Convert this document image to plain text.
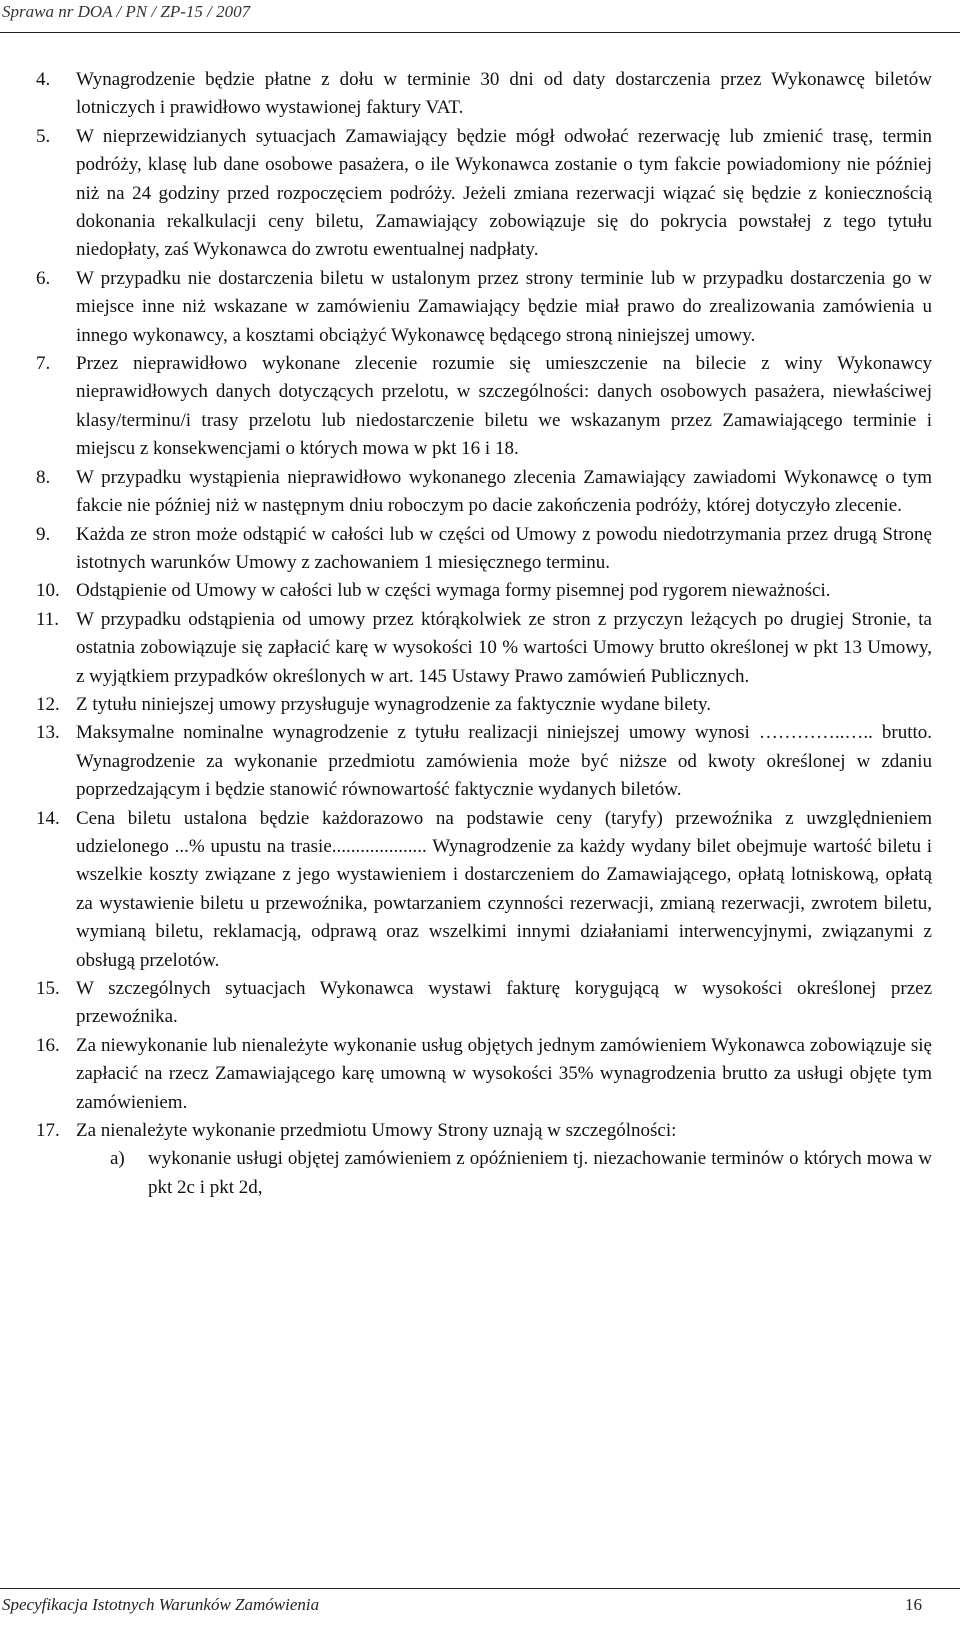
Sprawa nr DOA / PN / ZP-15 / 2007
4.	Wynagrodzenie będzie płatne z dołu w terminie 30 dni od daty dostarczenia przez Wykonawcę biletów lotniczych i prawidłowo wystawionej faktury VAT.
5.	W nieprzewidzianych sytuacjach Zamawiający będzie mógł odwołać rezerwację lub zmienić trasę, termin podróży, klasę lub dane osobowe pasażera, o ile Wykonawca zostanie o tym fakcie powiadomiony nie później niż na 24 godziny przed rozpoczęciem podróży. Jeżeli zmiana rezerwacji wiązać się będzie z koniecznością dokonania rekalkulacji ceny biletu, Zamawiający zobowiązuje się do pokrycia powstałej z tego tytułu niedopłaty, zaś Wykonawca do zwrotu ewentualnej nadpłaty.
6.	W przypadku nie dostarczenia biletu w ustalonym przez strony terminie lub w przypadku dostarczenia go w miejsce inne niż wskazane w zamówieniu Zamawiający będzie miał prawo do zrealizowania zamówienia u innego wykonawcy, a kosztami obciążyć Wykonawcę będącego stroną niniejszej umowy.
7.	Przez nieprawidłowo wykonane zlecenie rozumie się umieszczenie na bilecie z winy Wykonawcy nieprawidłowych danych dotyczących przelotu, w szczególności: danych osobowych pasażera, niewłaściwej klasy/terminu/i trasy przelotu lub niedostarczenie biletu we wskazanym przez Zamawiającego terminie i miejscu z konsekwencjami o których mowa w pkt 16 i 18.
8.	W przypadku wystąpienia nieprawidłowo wykonanego zlecenia Zamawiający zawiadomi Wykonawcę o tym fakcie nie później niż w następnym dniu roboczym po dacie zakończenia podróży, której dotyczyło zlecenie.
9.	Każda ze stron może odstąpić w całości lub w części od Umowy z powodu niedotrzymania przez drugą Stronę istotnych warunków Umowy z zachowaniem 1 miesięcznego terminu.
10. Odstąpienie od Umowy w całości lub w części wymaga formy pisemnej pod rygorem nieważności.
11. W przypadku odstąpienia od umowy przez którąkolwiek ze stron z przyczyn leżących po drugiej Stronie, ta ostatnia zobowiązuje się zapłacić karę w wysokości 10 % wartości Umowy brutto określonej w pkt 13 Umowy, z wyjątkiem przypadków określonych w art. 145 Ustawy Prawo zamówień Publicznych.
12. Z tytułu niniejszej umowy przysługuje wynagrodzenie za faktycznie wydane bilety.
13. Maksymalne nominalne wynagrodzenie z tytułu realizacji niniejszej umowy wynosi …………..….. brutto. Wynagrodzenie za wykonanie przedmiotu zamówienia może być niższe od kwoty określonej w zdaniu poprzedzającym i będzie stanowić równowartość faktycznie wydanych biletów.
14. Cena biletu ustalona będzie każdorazowo na podstawie ceny (taryfy) przewoźnika z uwzględnieniem udzielonego ...% upustu na trasie.................... Wynagrodzenie za każdy wydany bilet obejmuje wartość biletu i wszelkie koszty związane z jego wystawieniem i dostarczeniem do Zamawiającego, opłatą lotniskową, opłatą za wystawienie biletu u przewoźnika, powtarzaniem czynności rezerwacji, zmianą rezerwacji, zwrotem biletu, wymianą biletu, reklamacją, odprawą oraz wszelkimi innymi działaniami interwencyjnymi, związanymi z obsługą przelotów.
15. W szczególnych sytuacjach Wykonawca wystawi fakturę korygującą w wysokości określonej przez przewoźnika.
16. Za niewykonanie lub nienależyte wykonanie usług objętych jednym zamówieniem Wykonawca zobowiązuje się zapłacić na rzecz Zamawiającego karę umowną w wysokości 35% wynagrodzenia brutto za usługi objęte tym zamówieniem.
17. Za nienależyte wykonanie przedmiotu Umowy Strony uznają w szczególności:
a)	wykonanie usługi objętej zamówieniem z opóźnieniem tj. niezachowanie terminów o których mowa w pkt 2c i pkt 2d,
Specyfikacja Istotnych Warunków Zamówienia	16
